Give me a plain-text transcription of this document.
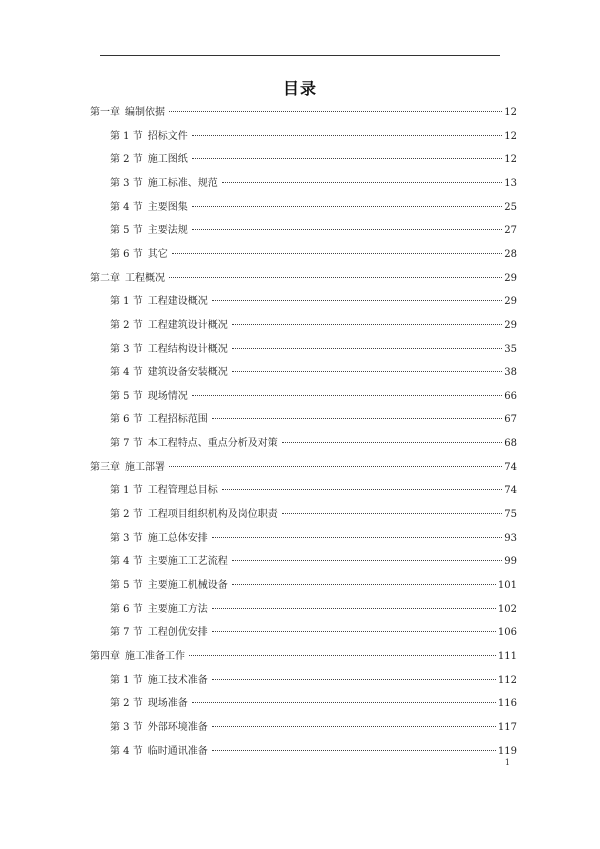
目录
第一章 编制依据	12
第 1 节 招标文件	12
第 2 节 施工图纸	12
第 3 节 施工标准、规范	13
第 4 节 主要图集	25
第 5 节 主要法规	27
第 6 节 其它	28
第二章 工程概况	29
第 1 节 工程建设概况	29
第 2 节 工程建筑设计概况	29
第 3 节 工程结构设计概况	35
第 4 节 建筑设备安装概况	38
第 5 节 现场情况	66
第 6 节 工程招标范围	67
第 7 节 本工程特点、重点分析及对策	68
第三章 施工部署	74
第 1 节 工程管理总目标	74
第 2 节 工程项目组织机构及岗位职责	75
第 3 节 施工总体安排	93
第 4 节 主要施工工艺流程	99
第 5 节 主要施工机械设备	101
第 6 节 主要施工方法	102
第 7 节 工程创优安排	106
第四章 施工准备工作	111
第 1 节 施工技术准备	112
第 2 节 现场准备	116
第 3 节 外部环境准备	117
第 4 节 临时通讯准备	119
1
